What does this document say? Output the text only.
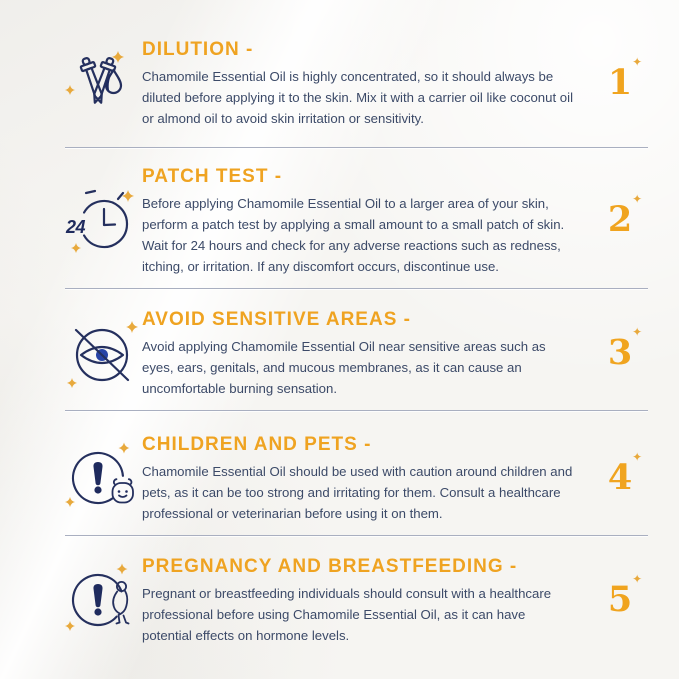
DILUTION -

Chamomile Essential Oil is highly concentrated, so it should always be diluted before applying it to the skin. Mix it with a carrier oil like coconut oil or almond oil to avoid skin irritation or sensitivity.

1 ✦
24
PATCH TEST -

Before applying Chamomile Essential Oil to a larger area of your skin, perform a patch test by applying a small amount to a small patch of skin. Wait for 24 hours and check for any adverse reactions such as redness, itching, or irritation. If any discomfort occurs, discontinue use.

2 ✦
AVOID SENSITIVE AREAS -

Avoid applying Chamomile Essential Oil near sensitive areas such as eyes, ears, genitals, and mucous membranes, as it can cause an uncomfortable burning sensation.

3 ✦
CHILDREN AND PETS -

Chamomile Essential Oil should be used with caution around children and pets, as it can be too strong and irritating for them. Consult a healthcare professional or veterinarian before using it on them.

4 ✦
PREGNANCY AND BREASTFEEDING -

Pregnant or breastfeeding individuals should consult with a healthcare professional before using Chamomile Essential Oil, as it can have potential effects on hormone levels.

5 ✦
